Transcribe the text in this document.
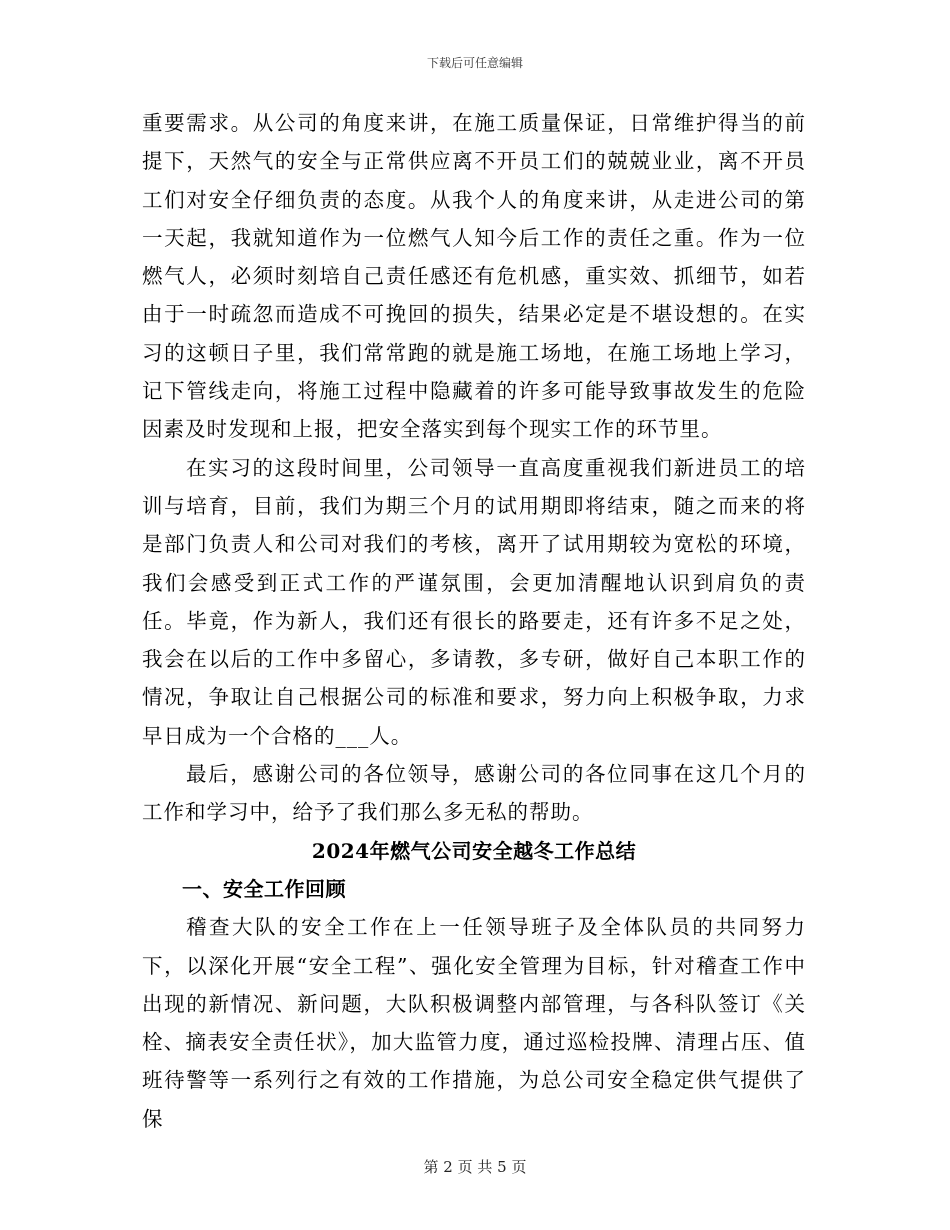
下载后可任意编辑

重要需求。从公司的角度来讲，在施工质量保证，日常维护得当的前提下，天然气的安全与正常供应离不开员工们的兢兢业业，离不开员工们对安全仔细负责的态度。从我个人的角度来讲，从走进公司的第一天起，我就知道作为一位燃气人知今后工作的责任之重。作为一位燃气人，必须时刻培自己责任感还有危机感，重实效、抓细节，如若由于一时疏忽而造成不可挽回的损失，结果必定是不堪设想的。在实习的这顿日子里，我们常常跑的就是施工场地，在施工场地上学习，记下管线走向，将施工过程中隐藏着的许多可能导致事故发生的危险因素及时发现和上报，把安全落实到每个现实工作的环节里。

在实习的这段时间里，公司领导一直高度重视我们新进员工的培训与培育，目前，我们为期三个月的试用期即将结束，随之而来的将是部门负责人和公司对我们的考核，离开了试用期较为宽松的环境，我们会感受到正式工作的严谨氛围，会更加清醒地认识到肩负的责任。毕竟，作为新人，我们还有很长的路要走，还有许多不足之处，我会在以后的工作中多留心，多请教，多专研，做好自己本职工作的情况，争取让自己根据公司的标准和要求，努力向上积极争取，力求早日成为一个合格的___人。

最后，感谢公司的各位领导，感谢公司的各位同事在这几个月的工作和学习中，给予了我们那么多无私的帮助。

2024年燃气公司安全越冬工作总结

一、安全工作回顾

稽查大队的安全工作在上一任领导班子及全体队员的共同努力下，以深化开展“安全工程”、强化安全管理为目标，针对稽查工作中出现的新情况、新问题，大队积极调整内部管理，与各科队签订《关栓、摘表安全责任状》，加大监管力度，通过巡检投牌、清理占压、值班待警等一系列行之有效的工作措施，为总公司安全稳定供气提供了保

第 2 页 共 5 页
